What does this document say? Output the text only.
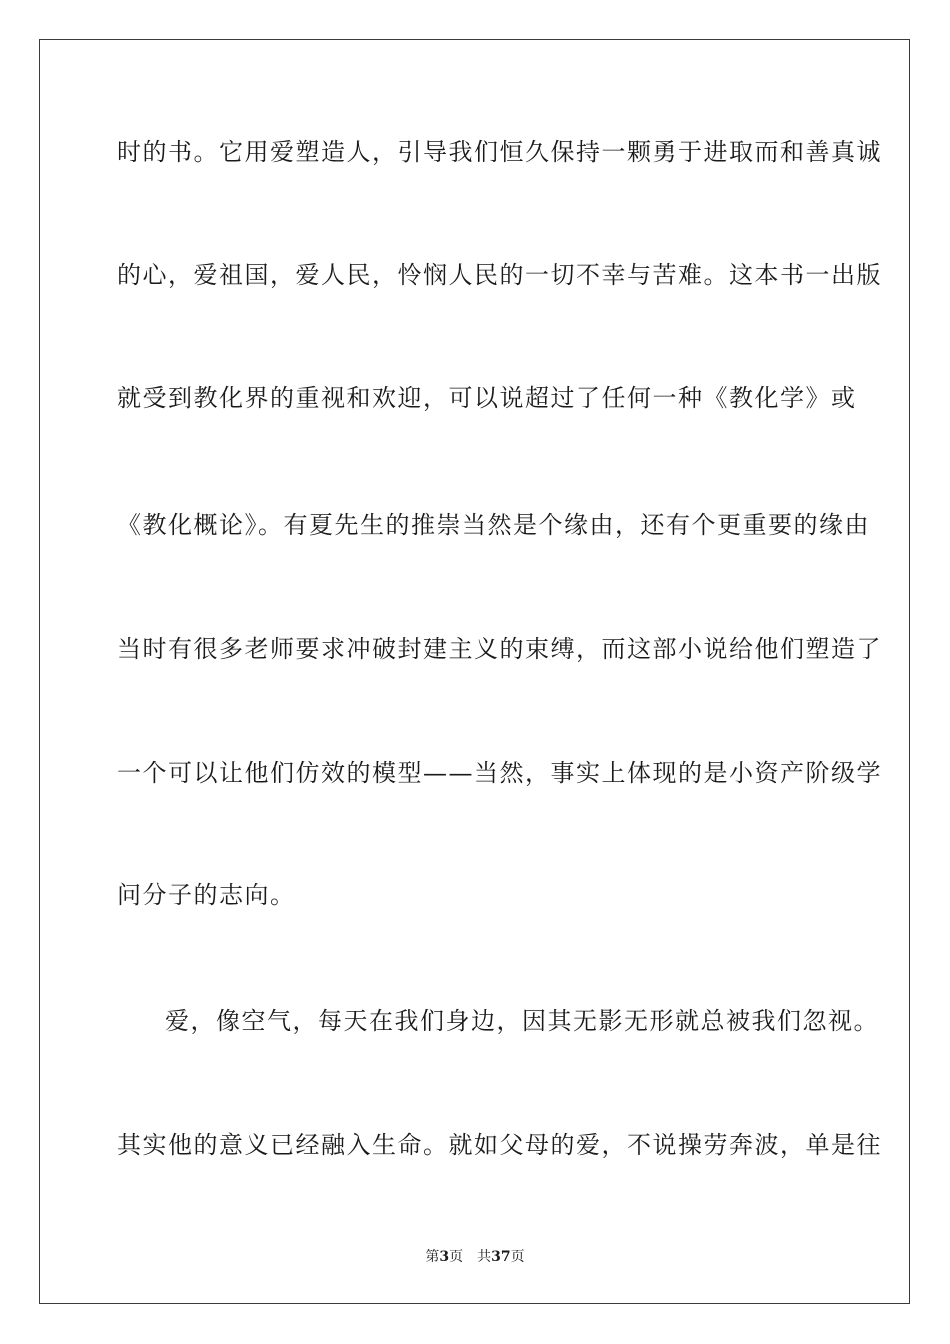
时的书。它用爱塑造人，引导我们恒久保持一颗勇于进取而和善真诚

的心，爱祖国，爱人民，怜悯人民的一切不幸与苦难。这本书一出版

就受到教化界的重视和欢迎，可以说超过了任何一种《教化学》或

《教化概论》。有夏先生的推崇当然是个缘由，还有个更重要的缘由

当时有很多老师要求冲破封建主义的束缚，而这部小说给他们塑造了

一个可以让他们仿效的模型——当然，事实上体现的是小资产阶级学

问分子的志向。

爱，像空气，每天在我们身边，因其无影无形就总被我们忽视。

其实他的意义已经融入生命。就如父母的爱，不说操劳奔波，单是往

第3页 共37页
